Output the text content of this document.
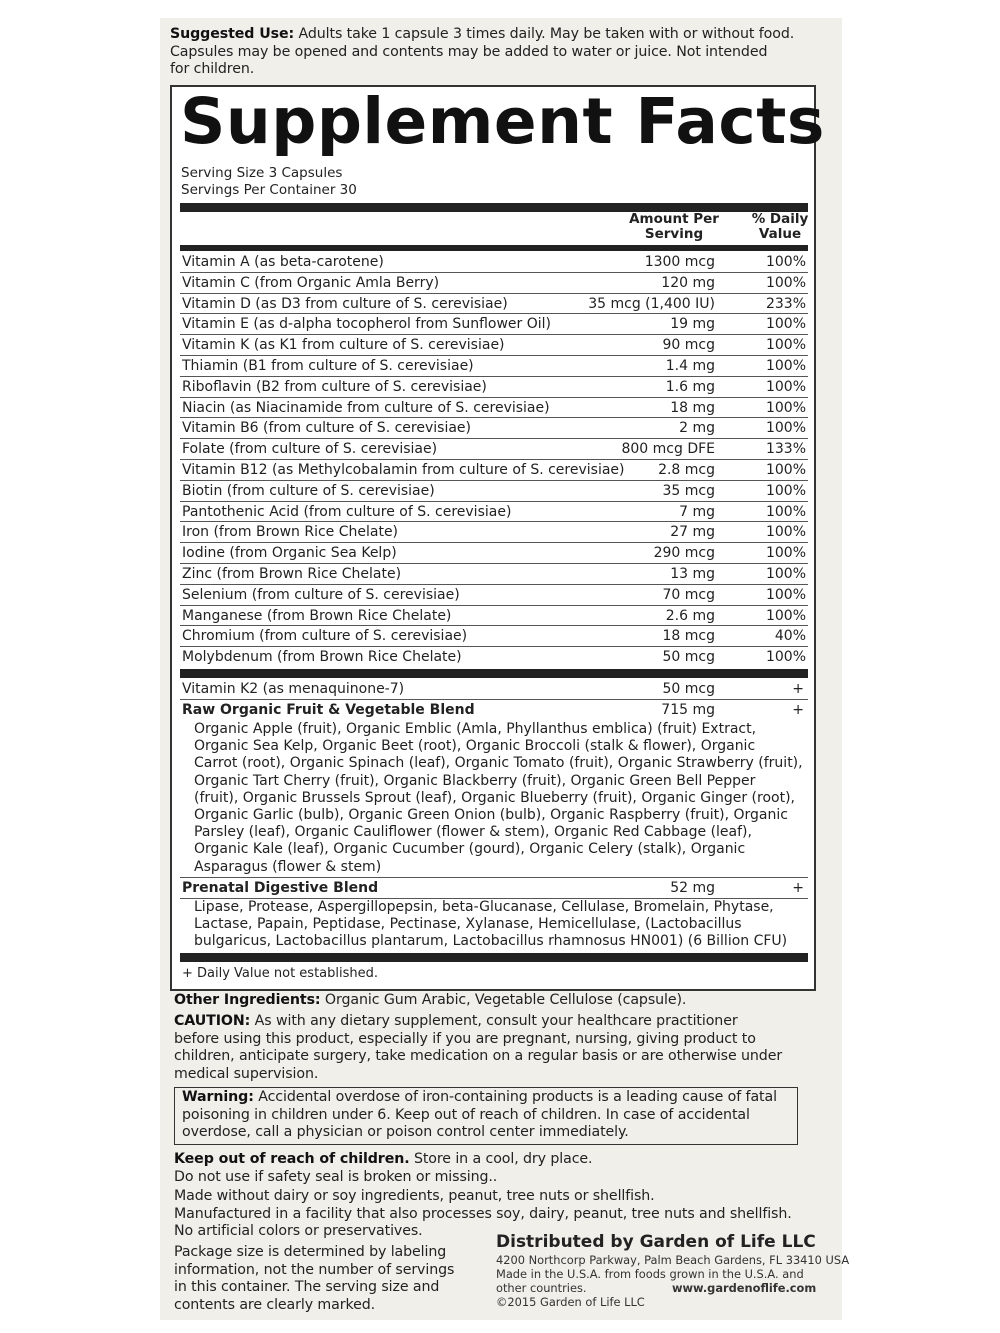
Suggested Use: Adults take 1 capsule 3 times daily. May be taken with or without food.
Capsules may be opened and contents may be added to water or juice. Not intended
for children.
Supplement Facts
Serving Size 3 Capsules
Servings Per Container 30
Amount Per
Serving
% Daily
Value
Vitamin A (as beta-carotene)	1300 mcg	100%
Vitamin C (from Organic Amla Berry)	120 mg	100%
Vitamin D (as D3 from culture of S. cerevisiae)	35 mcg (1,400 IU)	233%
Vitamin E (as d-alpha tocopherol from Sunflower Oil)	19 mg	100%
Vitamin K (as K1 from culture of S. cerevisiae)	90 mcg	100%
Thiamin (B1 from culture of S. cerevisiae)	1.4 mg	100%
Riboflavin (B2 from culture of S. cerevisiae)	1.6 mg	100%
Niacin (as Niacinamide from culture of S. cerevisiae)	18 mg	100%
Vitamin B6 (from culture of S. cerevisiae)	2 mg	100%
Folate (from culture of S. cerevisiae)	800 mcg DFE	133%
Vitamin B12 (as Methylcobalamin from culture of S. cerevisiae) 2.8 mcg	100%
Biotin (from culture of S. cerevisiae)	35 mcg	100%
Pantothenic Acid (from culture of S. cerevisiae)	7 mg	100%
Iron (from Brown Rice Chelate)	27 mg	100%
Iodine (from Organic Sea Kelp)	290 mcg	100%
Zinc (from Brown Rice Chelate)	13 mg	100%
Selenium (from culture of S. cerevisiae)	70 mcg	100%
Manganese (from Brown Rice Chelate)	2.6 mg	100%
Chromium (from culture of S. cerevisiae)	18 mcg	40%
Molybdenum (from Brown Rice Chelate)	50 mcg	100%
Vitamin K2 (as menaquinone-7)	50 mcg	+
Raw Organic Fruit & Vegetable Blend	715 mg	+
Organic Apple (fruit), Organic Emblic (Amla, Phyllanthus emblica) (fruit) Extract,
Organic Sea Kelp, Organic Beet (root), Organic Broccoli (stalk & flower), Organic
Carrot (root), Organic Spinach (leaf), Organic Tomato (fruit), Organic Strawberry (fruit),
Organic Tart Cherry (fruit), Organic Blackberry (fruit), Organic Green Bell Pepper
(fruit), Organic Brussels Sprout (leaf), Organic Blueberry (fruit), Organic Ginger (root),
Organic Garlic (bulb), Organic Green Onion (bulb), Organic Raspberry (fruit), Organic
Parsley (leaf), Organic Cauliflower (flower & stem), Organic Red Cabbage (leaf),
Organic Kale (leaf), Organic Cucumber (gourd), Organic Celery (stalk), Organic
Asparagus (flower & stem)
Prenatal Digestive Blend	52 mg	+
Lipase, Protease, Aspergillopepsin, beta-Glucanase, Cellulase, Bromelain, Phytase,
Lactase, Papain, Peptidase, Pectinase, Xylanase, Hemicellulase, (Lactobacillus
bulgaricus, Lactobacillus plantarum, Lactobacillus rhamnosus HN001) (6 Billion CFU)
+ Daily Value not established.
Other Ingredients: Organic Gum Arabic, Vegetable Cellulose (capsule).
CAUTION: As with any dietary supplement, consult your healthcare practitioner
before using this product, especially if you are pregnant, nursing, giving product to
children, anticipate surgery, take medication on a regular basis or are otherwise under
medical supervision.
Warning: Accidental overdose of iron-containing products is a leading cause of fatal
poisoning in children under 6. Keep out of reach of children. In case of accidental
overdose, call a physician or poison control center immediately.
Keep out of reach of children. Store in a cool, dry place.
Do not use if safety seal is broken or missing..
Made without dairy or soy ingredients, peanut, tree nuts or shellfish.
Manufactured in a facility that also processes soy, dairy, peanut, tree nuts and shellfish.
No artificial colors or preservatives.
Package size is determined by labeling
information, not the number of servings
in this container. The serving size and
contents are clearly marked.
Distributed by Garden of Life LLC
4200 Northcorp Parkway, Palm Beach Gardens, FL 33410 USA
Made in the U.S.A. from foods grown in the U.S.A. and
other countries.	www.gardenoflife.com
©2015 Garden of Life LLC
